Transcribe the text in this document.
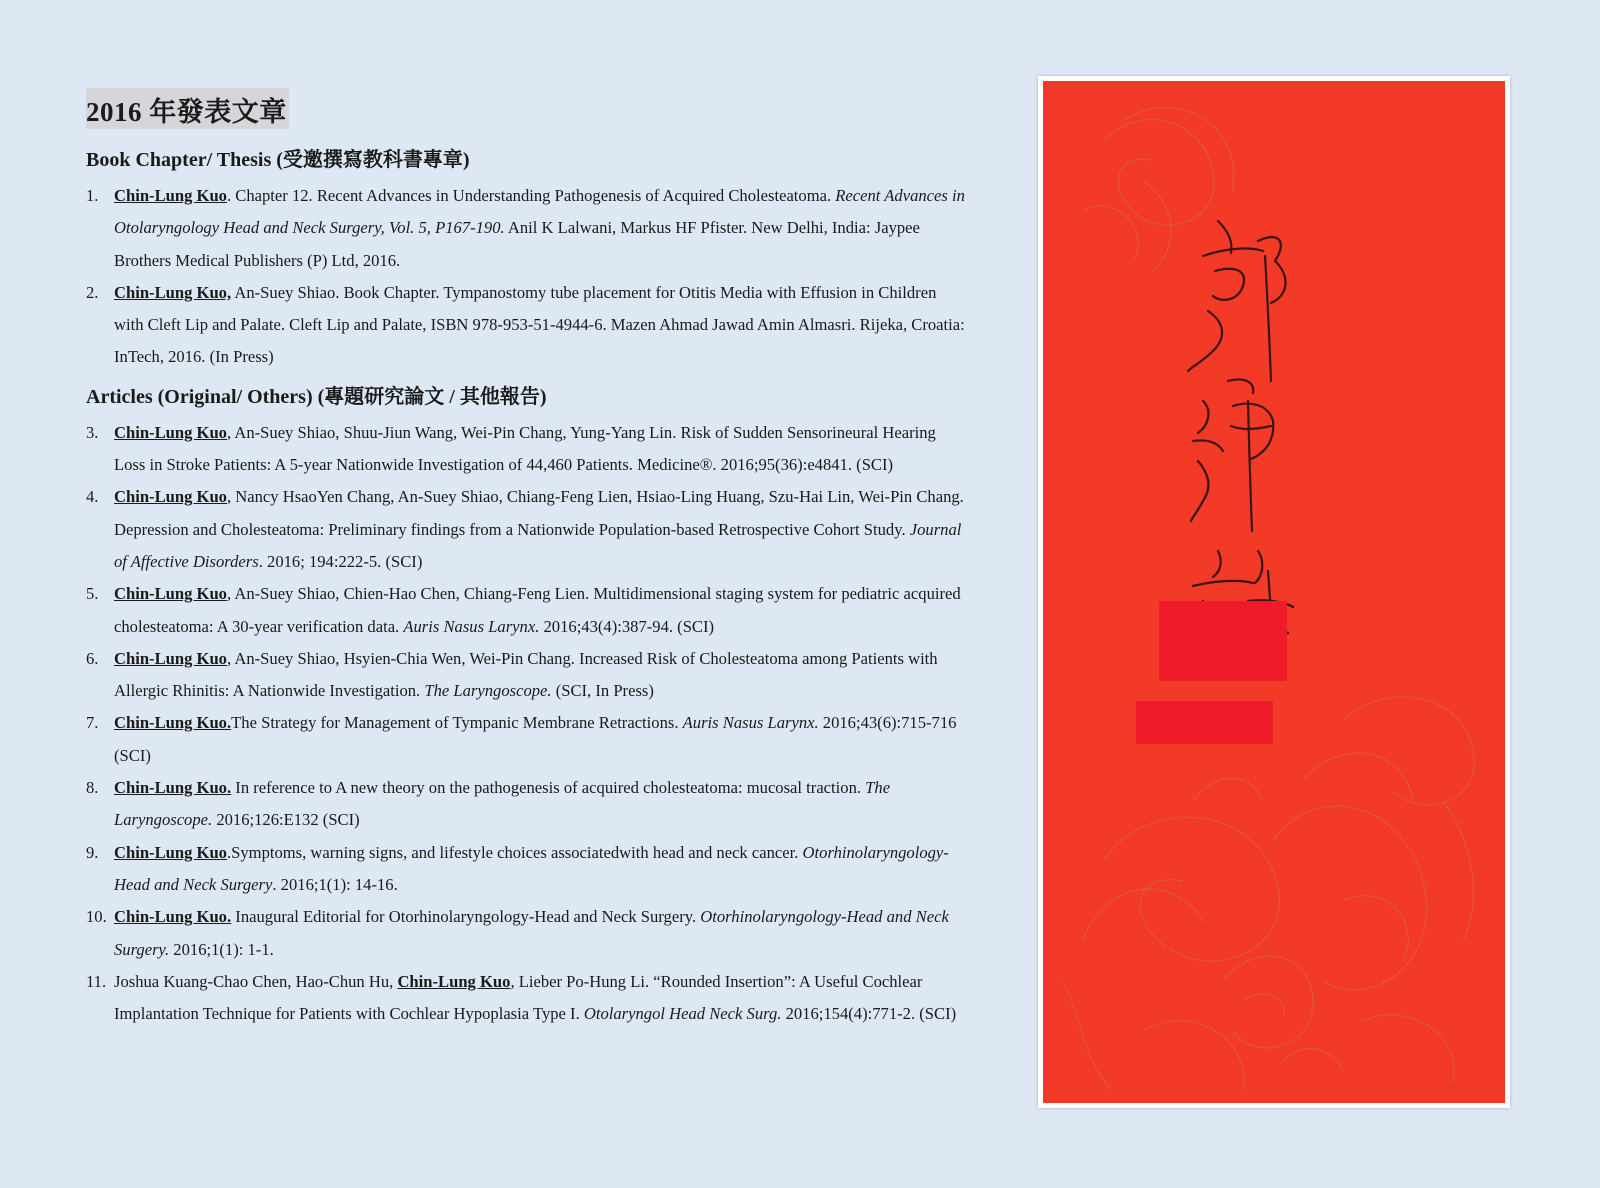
2016 年發表文章
Book Chapter/ Thesis (受邀撰寫教科書專章)
1. Chin-Lung Kuo. Chapter 12. Recent Advances in Understanding Pathogenesis of Acquired Cholesteatoma. Recent Advances in Otolaryngology Head and Neck Surgery, Vol. 5, P167-190. Anil K Lalwani, Markus HF Pfister. New Delhi, India: Jaypee Brothers Medical Publishers (P) Ltd, 2016.
2. Chin-Lung Kuo, An-Suey Shiao. Book Chapter. Tympanostomy tube placement for Otitis Media with Effusion in Children with Cleft Lip and Palate. Cleft Lip and Palate, ISBN 978-953-51-4944-6. Mazen Ahmad Jawad Amin Almasri. Rijeka, Croatia: InTech, 2016. (In Press)
Articles (Original/ Others) (專題研究論文 / 其他報告)
3. Chin-Lung Kuo, An-Suey Shiao, Shuu-Jiun Wang, Wei-Pin Chang, Yung-Yang Lin. Risk of Sudden Sensorineural Hearing Loss in Stroke Patients: A 5-year Nationwide Investigation of 44,460 Patients. Medicine®. 2016;95(36):e4841. (SCI)
4. Chin-Lung Kuo, Nancy HsaoYen Chang, An-Suey Shiao, Chiang-Feng Lien, Hsiao-Ling Huang, Szu-Hai Lin, Wei-Pin Chang. Depression and Cholesteatoma: Preliminary findings from a Nationwide Population-based Retrospective Cohort Study. Journal of Affective Disorders. 2016; 194:222-5. (SCI)
5. Chin-Lung Kuo, An-Suey Shiao, Chien-Hao Chen, Chiang-Feng Lien. Multidimensional staging system for pediatric acquired cholesteatoma: A 30-year verification data. Auris Nasus Larynx. 2016;43(4):387-94. (SCI)
6. Chin-Lung Kuo, An-Suey Shiao, Hsyien-Chia Wen, Wei-Pin Chang. Increased Risk of Cholesteatoma among Patients with Allergic Rhinitis: A Nationwide Investigation. The Laryngoscope. (SCI, In Press)
7. Chin-Lung Kuo.The Strategy for Management of Tympanic Membrane Retractions. Auris Nasus Larynx. 2016;43(6):715-716 (SCI)
8. Chin-Lung Kuo. In reference to A new theory on the pathogenesis of acquired cholesteatoma: mucosal traction. The Laryngoscope. 2016;126:E132 (SCI)
9. Chin-Lung Kuo.Symptoms, warning signs, and lifestyle choices associatedwith head and neck cancer. Otorhinolaryngology-Head and Neck Surgery. 2016;1(1): 14-16.
10. Chin-Lung Kuo. Inaugural Editorial for Otorhinolaryngology-Head and Neck Surgery. Otorhinolaryngology-Head and Neck Surgery. 2016;1(1): 1-1.
11. Joshua Kuang-Chao Chen, Hao-Chun Hu, Chin-Lung Kuo, Lieber Po-Hung Li. “Rounded Insertion”: A Useful Cochlear Implantation Technique for Patients with Cochlear Hypoplasia Type I. Otolaryngol Head Neck Surg. 2016;154(4):771-2. (SCI)
